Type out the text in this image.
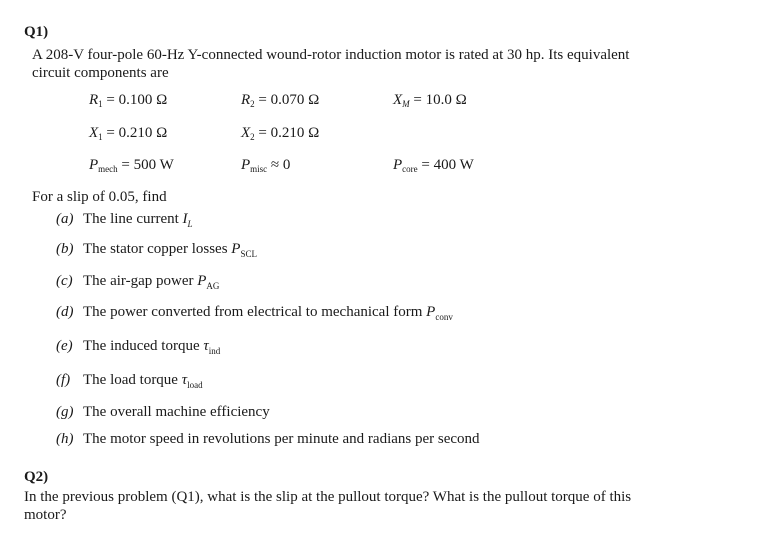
Q1)
A 208-V four-pole 60-Hz Y-connected wound-rotor induction motor is rated at 30 hp. Its equivalent
circuit components are
$R_1 = 0.100$ Ω	$R_2 = 0.070$ Ω	$X_M = 10.0$ Ω
$X_1 = 0.210$ Ω	$X_2 = 0.210$ Ω
$P_{mech} = 500$ W	$P_{misc} \approx 0$	$P_{core} = 400$ W
For a slip of 0.05, find
(a) The line current $I_L$
(b) The stator copper losses $P_{SCL}$
(c) The air-gap power $P_{AG}$
(d) The power converted from electrical to mechanical form $P_{conv}$
(e) The induced torque $\tau_{ind}$
(f) The load torque $\tau_{load}$
(g) The overall machine efficiency
(h) The motor speed in revolutions per minute and radians per second
Q2)
In the previous problem (Q1), what is the slip at the pullout torque? What is the pullout torque of this
motor?
